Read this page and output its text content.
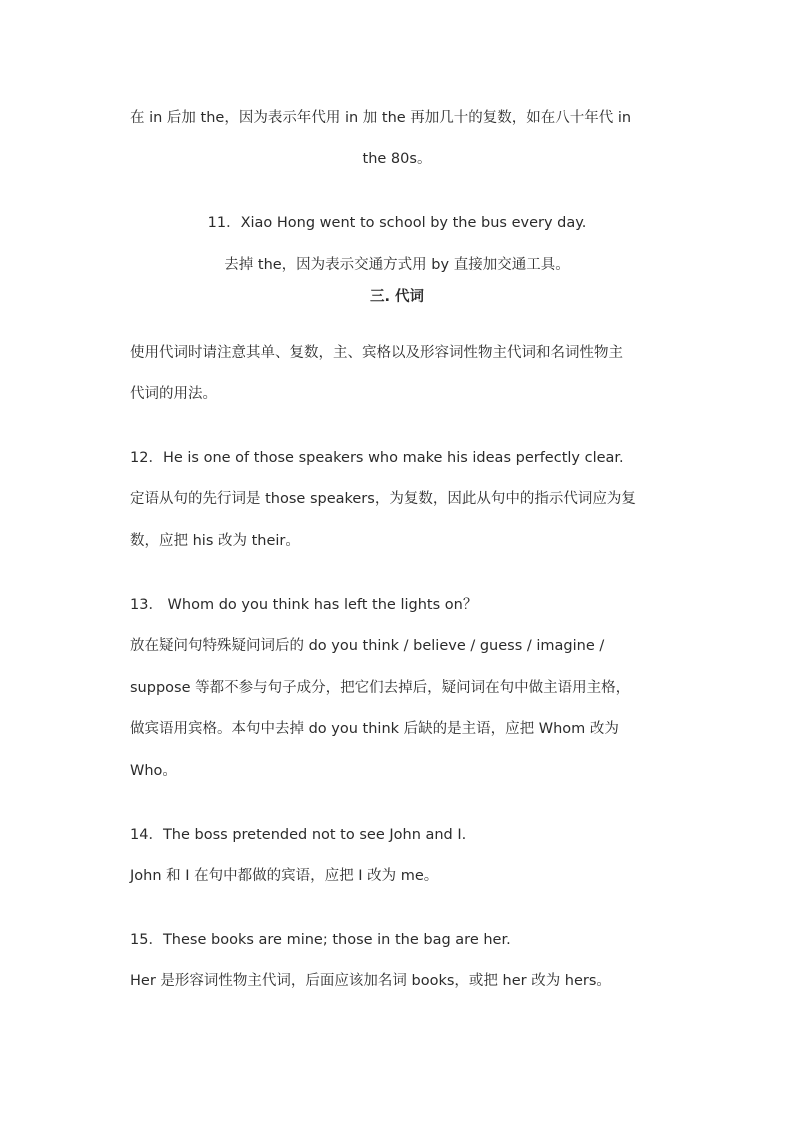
在 in 后加 the，因为表示年代用 in 加 the 再加几十的复数，如在八十年代 in
the 80s。
11．Xiao Hong went to school by the bus every day.
去掉 the，因为表示交通方式用 by 直接加交通工具。
三. 代词
使用代词时请注意其单、复数，主、宾格以及形容词性物主代词和名词性物主
代词的用法。
12．He is one of those speakers who make his ideas perfectly clear.
定语从句的先行词是 those speakers，为复数，因此从句中的指示代词应为复
数，应把 his 改为 their。
13． Whom do you think has left the lights on？
放在疑问句特殊疑问词后的 do you think / believe / guess / imagine /
suppose 等都不参与句子成分，把它们去掉后，疑问词在句中做主语用主格，
做宾语用宾格。本句中去掉 do you think 后缺的是主语，应把 Whom 改为
Who。
14．The boss pretended not to see John and I.
John 和 I 在句中都做的宾语，应把 I 改为 me。
15．These books are mine; those in the bag are her.
Her 是形容词性物主代词，后面应该加名词 books，或把 her 改为 hers。
